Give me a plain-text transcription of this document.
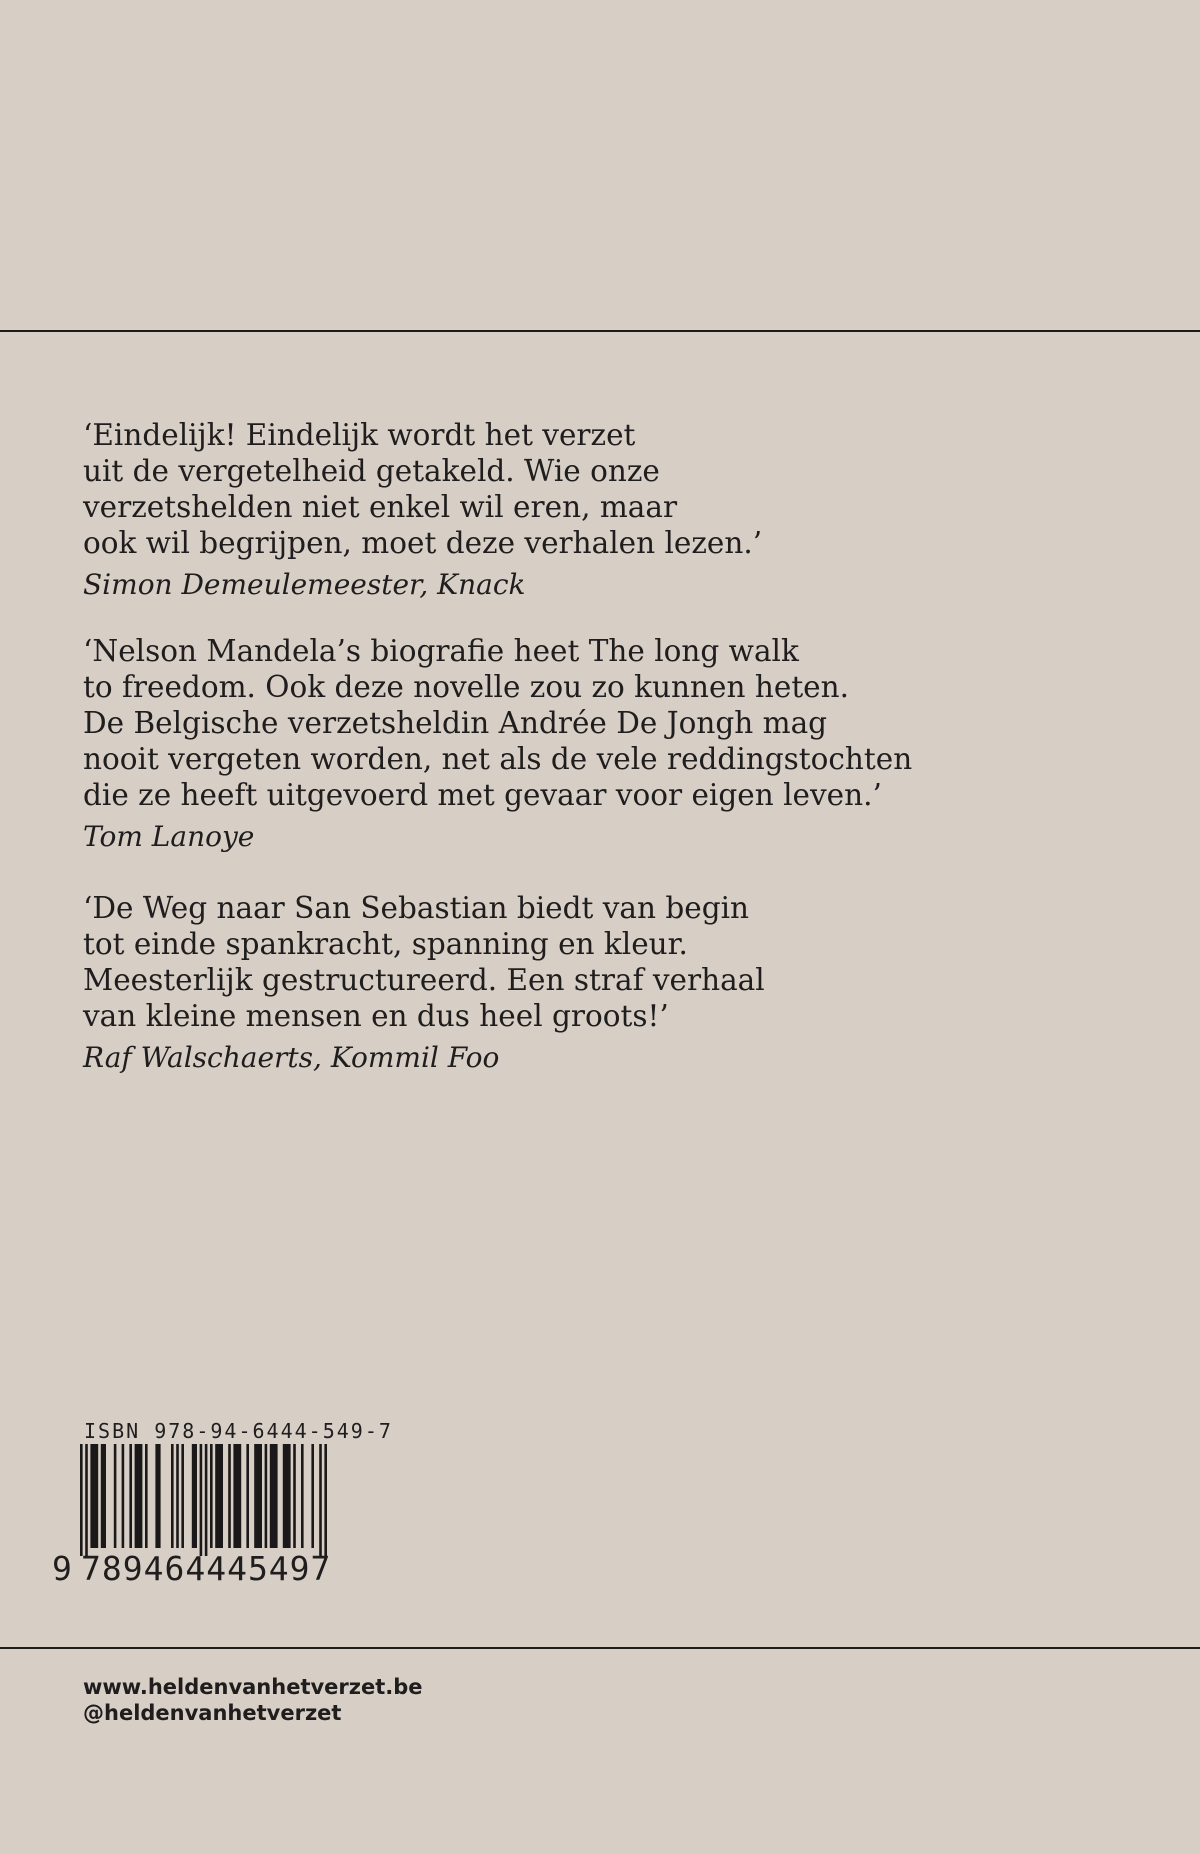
‘Eindelijk! Eindelijk wordt het verzet
uit de vergetelheid getakeld. Wie onze
verzetshelden niet enkel wil eren, maar
ook wil begrijpen, moet deze verhalen lezen.’
Simon Demeulemeester, Knack
‘Nelson Mandela’s biografie heet The long walk
to freedom. Ook deze novelle zou zo kunnen heten.
De Belgische verzetsheldin Andrée De Jongh mag
nooit vergeten worden, net als de vele reddingstochten
die ze heeft uitgevoerd met gevaar voor eigen leven.’
Tom Lanoye
‘De Weg naar San Sebastian biedt van begin
tot einde spankracht, spanning en kleur.
Meesterlijk gestructureerd. Een straf verhaal
van kleine mensen en dus heel groots!’
Raf Walschaerts, Kommil Foo
ISBN 978-94-6444-549-7
9 789464445497
www.heldenvanhetverzet.be
@heldenvanhetverzet
